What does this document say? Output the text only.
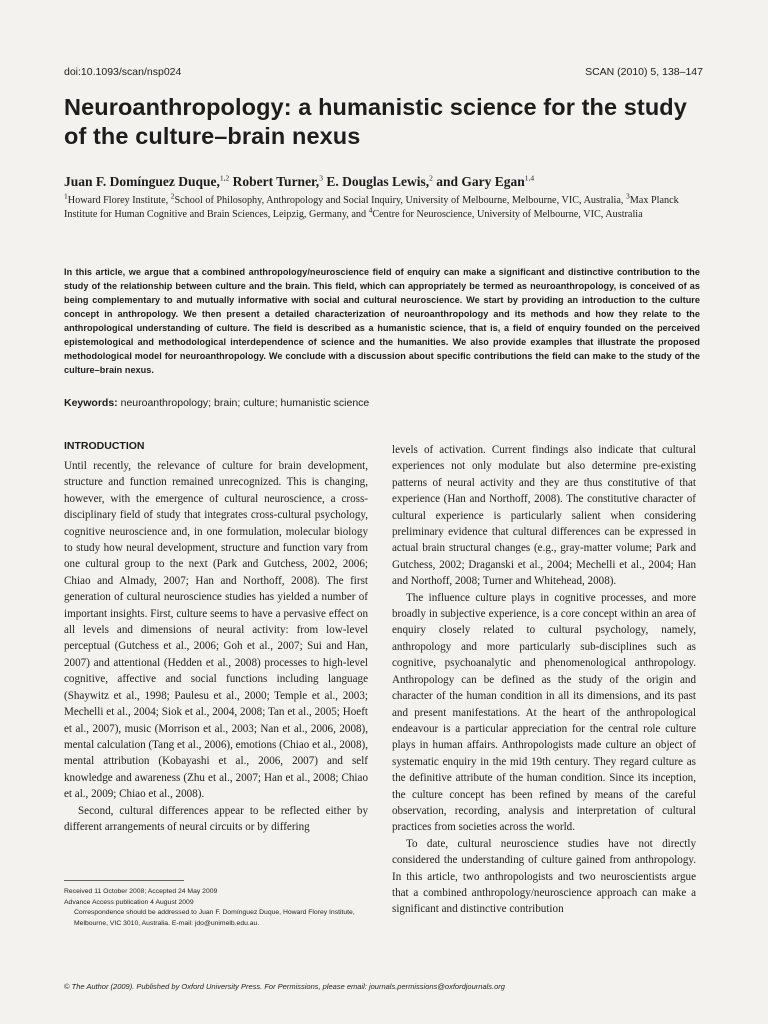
doi:10.1093/scan/nsp024	SCAN (2010) 5, 138–147
Neuroanthropology: a humanistic science for the study of the culture–brain nexus
Juan F. Domínguez Duque,$^{1,2}$ Robert Turner,$^3$ E. Douglas Lewis,$^2$ and Gary Egan$^{1,4}$
$^1$Howard Florey Institute, $^2$School of Philosophy, Anthropology and Social Inquiry, University of Melbourne, Melbourne, VIC, Australia, $^3$Max Planck Institute for Human Cognitive and Brain Sciences, Leipzig, Germany, and $^4$Centre for Neuroscience, University of Melbourne, VIC, Australia
In this article, we argue that a combined anthropology/neuroscience field of enquiry can make a significant and distinctive contribution to the study of the relationship between culture and the brain. This field, which can appropriately be termed as neuroanthropology, is conceived of as being complementary to and mutually informative with social and cultural neuroscience. We start by providing an introduction to the culture concept in anthropology. We then present a detailed characterization of neuroanthropology and its methods and how they relate to the anthropological understanding of culture. The field is described as a humanistic science, that is, a field of enquiry founded on the perceived epistemological and methodological interdependence of science and the humanities. We also provide examples that illustrate the proposed methodological model for neuroanthropology. We conclude with a discussion about specific contributions the field can make to the study of the culture–brain nexus.
Keywords: neuroanthropology; brain; culture; humanistic science
INTRODUCTION

Until recently, the relevance of culture for brain development, structure and function remained unrecognized. This is changing, however, with the emergence of cultural neuroscience, a cross-disciplinary field of study that integrates cross-cultural psychology, cognitive neuroscience and, in one formulation, molecular biology to study how neural development, structure and function vary from one cultural group to the next (Park and Gutchess, 2002, 2006; Chiao and Almady, 2007; Han and Northoff, 2008). The first generation of cultural neuroscience studies has yielded a number of important insights. First, culture seems to have a pervasive effect on all levels and dimensions of neural activity: from low-level perceptual (Gutchess et al., 2006; Goh et al., 2007; Sui and Han, 2007) and attentional (Hedden et al., 2008) processes to high-level cognitive, affective and social functions including language (Shaywitz et al., 1998; Paulesu et al., 2000; Temple et al., 2003; Mechelli et al., 2004; Siok et al., 2004, 2008; Tan et al., 2005; Hoeft et al., 2007), music (Morrison et al., 2003; Nan et al., 2006, 2008), mental calculation (Tang et al., 2006), emotions (Chiao et al., 2008), mental attribution (Kobayashi et al., 2006, 2007) and self knowledge and awareness (Zhu et al., 2007; Han et al., 2008; Chiao et al., 2009; Chiao et al., 2008).

Second, cultural differences appear to be reflected either by different arrangements of neural circuits or by differing

levels of activation. Current findings also indicate that cultural experiences not only modulate but also determine pre-existing patterns of neural activity and they are thus constitutive of that experience (Han and Northoff, 2008). The constitutive character of cultural experience is particularly salient when considering preliminary evidence that cultural differences can be expressed in actual brain structural changes (e.g., gray-matter volume; Park and Gutchess, 2002; Draganski et al., 2004; Mechelli et al., 2004; Han and Northoff, 2008; Turner and Whitehead, 2008).

The influence culture plays in cognitive processes, and more broadly in subjective experience, is a core concept within an area of enquiry closely related to cultural psychology, namely, anthropology and more particularly sub-disciplines such as cognitive, psychoanalytic and phenomenological anthropology. Anthropology can be defined as the study of the origin and character of the human condition in all its dimensions, and its past and present manifestations. At the heart of the anthropological endeavour is a particular appreciation for the central role culture plays in human affairs. Anthropologists made culture an object of systematic enquiry in the mid 19th century. They regard culture as the definitive attribute of the human condition. Since its inception, the culture concept has been refined by means of the careful observation, recording, analysis and interpretation of cultural practices from societies across the world.

To date, cultural neuroscience studies have not directly considered the understanding of culture gained from anthropology. In this article, two anthropologists and two neuroscientists argue that a combined anthropology/neuroscience approach can make a significant and distinctive contribution

Received 11 October 2008; Accepted 24 May 2009
Advance Access publication 4 August 2009
Correspondence should be addressed to Juan F. Domínguez Duque, Howard Florey Institute, Melbourne, VIC 3010, Australia. E-mail: jdo@unimelb.edu.au.
© The Author (2009). Published by Oxford University Press. For Permissions, please email: journals.permissions@oxfordjournals.org
